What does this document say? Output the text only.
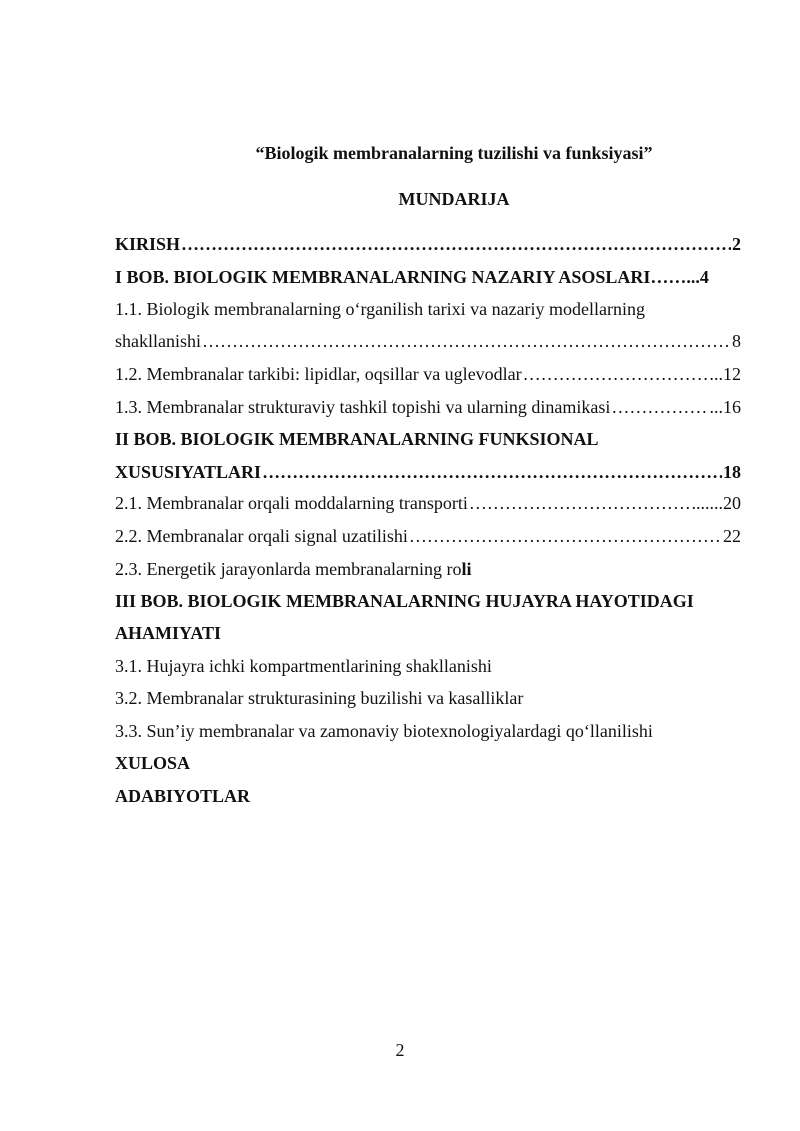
“Biologik membranalarning tuzilishi va funksiyasi”
MUNDARIJA
KIRISH ……………………………………………………………………………………………………………………………………………………………………	2
I BOB. BIOLOGIK MEMBRANALARNING NAZARIY ASOSLARI ……...4
1.1. Biologik membranalarning o‘rganilish tarixi va nazariy modellarning
shakllanishi ……………………………………………………………………………………………………………………………………………………………………	8
1.2. Membranalar tarkibi: lipidlar, oqsillar va uglevodlar ……………………………………………………………………………………………………………………………………………………………………	..12
1.3. Membranalar strukturaviy tashkil topishi va ularning dinamikasi ……………………………………………………………………………………………………………………………………………………………………	...16
II BOB. BIOLOGIK MEMBRANALARNING FUNKSIONAL
XUSUSIYATLARI ……………………………………………………………………………………………………………………………………………………………………	18
2.1. Membranalar orqali moddalarning transporti ……………………………………………………………………………………………………………………………………………………………………	......20
2.2. Membranalar orqali signal uzatilishi ……………………………………………………………………………………………………………………………………………………………………	22
2.3. Energetik jarayonlarda membranalarning roli
III BOB. BIOLOGIK MEMBRANALARNING HUJAYRA HAYOTIDAGI
AHAMIYATI
3.1. Hujayra ichki kompartmentlarining shakllanishi
3.2. Membranalar strukturasining buzilishi va kasalliklar
3.3. Sun’iy membranalar va zamonaviy biotexnologiyalardagi qo‘llanilishi
XULOSA
ADABIYOTLAR
2
